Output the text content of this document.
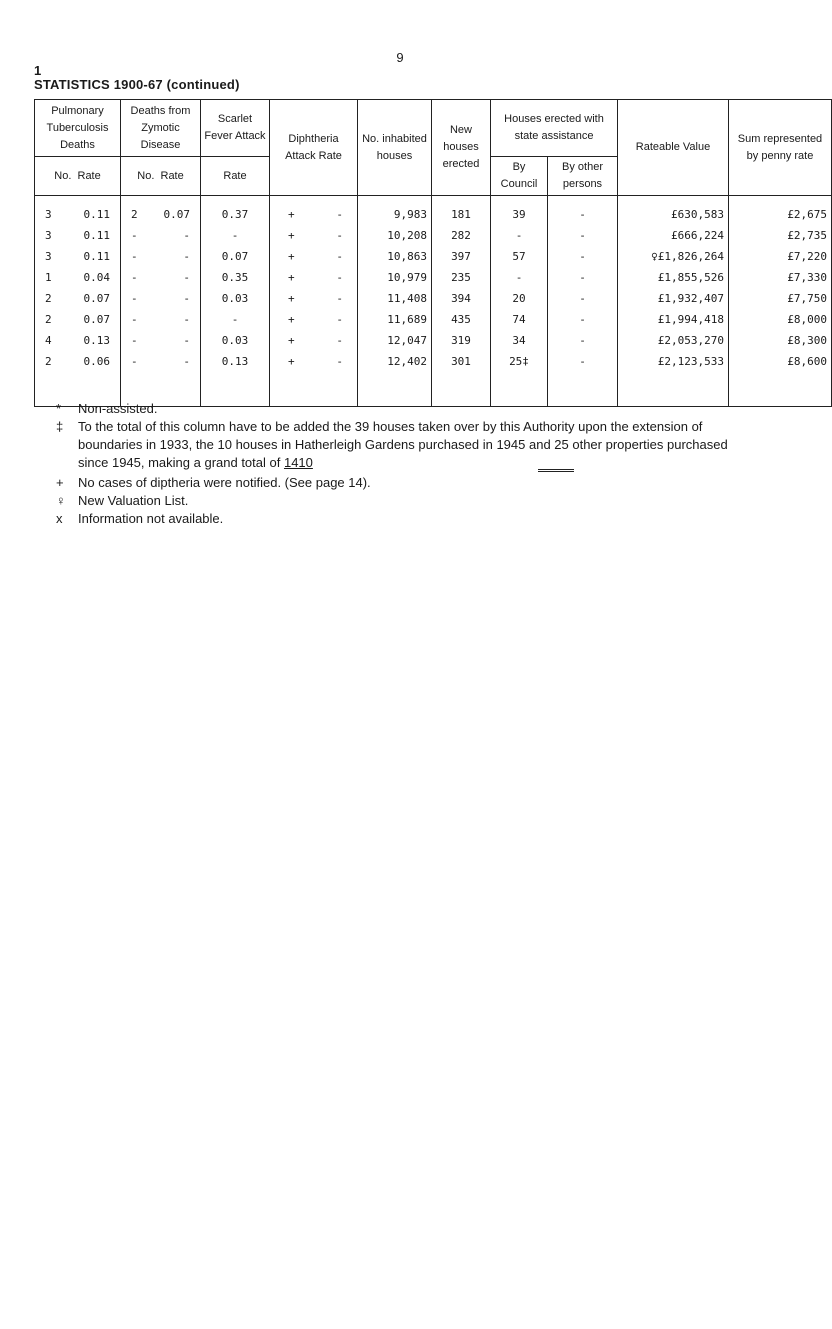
9
1
STATISTICS 1900-67 (continued)
Pulmonary Tuberculosis Deaths	Deaths from Zymotic Disease	Scarlet Fever Attack	Diphtheria Attack Rate	No. inhabited houses	New houses erected	Houses erected with state assistance		Rateable Value	Sum represented by penny rate
No.  Rate	No.  Rate	Rate				By Council	By other persons		

3 0.11	2 0.07	0.37	+ -	9,983	181	39	-	£630,583	£2,675

3 0.11	- -	-	+ -	10,208	282	-	-	£666,224	£2,735

3 0.11	- -	0.07	+ -	10,863	397	57	-	♀£1,826,264	£7,220

1 0.04	- -	0.35	+ -	10,979	235	-	-	£1,855,526	£7,330

2 0.07	- -	0.03	+ -	11,408	394	20	-	£1,932,407	£7,750

2 0.07	- -	-	+ -	11,689	435	74	-	£1,994,418	£8,000

4 0.13	- -	0.03	+ -	12,047	319	34	-	£2,053,270	£8,300

2 0.06	- -	0.13	+ -	12,402	301	25‡	-	£2,123,533	£8,600

*	Non-assisted.
‡	To the total of this column have to be added the 39 houses taken over by this Authority upon the extension of boundaries in 1933, the 10 houses in Hatherleigh Gardens purchased in 1945 and 25 other properties purchased since 1945, making a grand total of 1410
+	No cases of diptheria were notified. (See page 14).
♀ New Valuation List.
x	Information not available.
